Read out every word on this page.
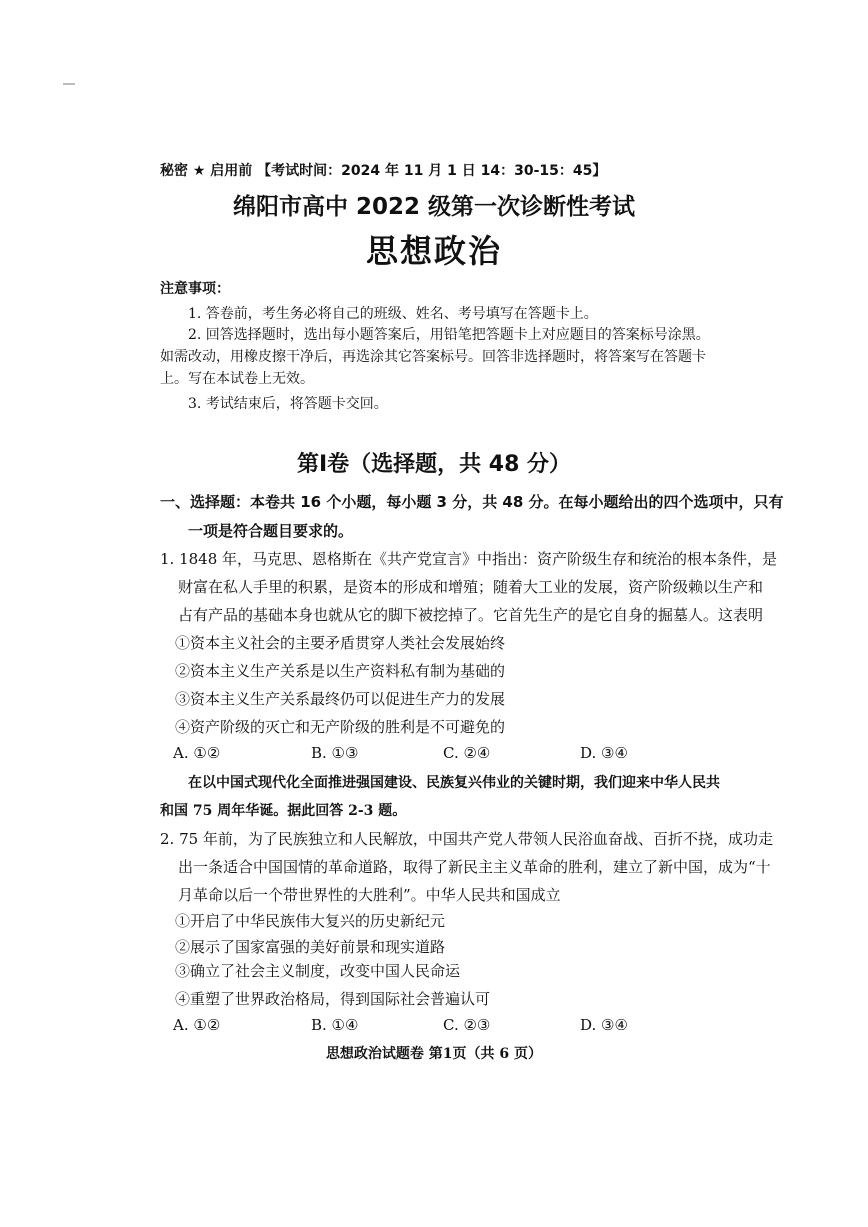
秘密 ★ 启用前 【考试时间：2024 年 11 月 1 日 14：30-15：45】
绵阳市高中 2022 级第一次诊断性考试
思想政治
注意事项：
1. 答卷前，考生务必将自己的班级、姓名、考号填写在答题卡上。
2. 回答选择题时，选出每小题答案后，用铅笔把答题卡上对应题目的答案标号涂黑。
如需改动，用橡皮擦干净后，再选涂其它答案标号。回答非选择题时，将答案写在答题卡
上。写在本试卷上无效。
3. 考试结束后，将答题卡交回。
第Ⅰ卷（选择题，共 48 分）
一、选择题：本卷共 16 个小题，每小题 3 分，共 48 分。在每小题给出的四个选项中，只有
一项是符合题目要求的。
1. 1848 年，马克思、恩格斯在《共产党宣言》中指出：资产阶级生存和统治的根本条件，是
财富在私人手里的积累，是资本的形成和增殖；随着大工业的发展，资产阶级赖以生产和
占有产品的基础本身也就从它的脚下被挖掉了。它首先生产的是它自身的掘墓人。这表明
①资本主义社会的主要矛盾贯穿人类社会发展始终
②资本主义生产关系是以生产资料私有制为基础的
③资本主义生产关系最终仍可以促进生产力的发展
④资产阶级的灭亡和无产阶级的胜利是不可避免的
A. ①②	B. ①③	C. ②④	D. ③④
在以中国式现代化全面推进强国建设、民族复兴伟业的关键时期，我们迎来中华人民共
和国 75 周年华诞。据此回答 2-3 题。
2. 75 年前，为了民族独立和人民解放，中国共产党人带领人民浴血奋战、百折不挠，成功走
出一条适合中国国情的革命道路，取得了新民主主义革命的胜利，建立了新中国，成为“十
月革命以后一个带世界性的大胜利”。中华人民共和国成立
①开启了中华民族伟大复兴的历史新纪元
②展示了国家富强的美好前景和现实道路
③确立了社会主义制度，改变中国人民命运
④重塑了世界政治格局，得到国际社会普遍认可
A. ①②	B. ①④	C. ②③	D. ③④
思想政治试题卷 第1页（共 6 页）
